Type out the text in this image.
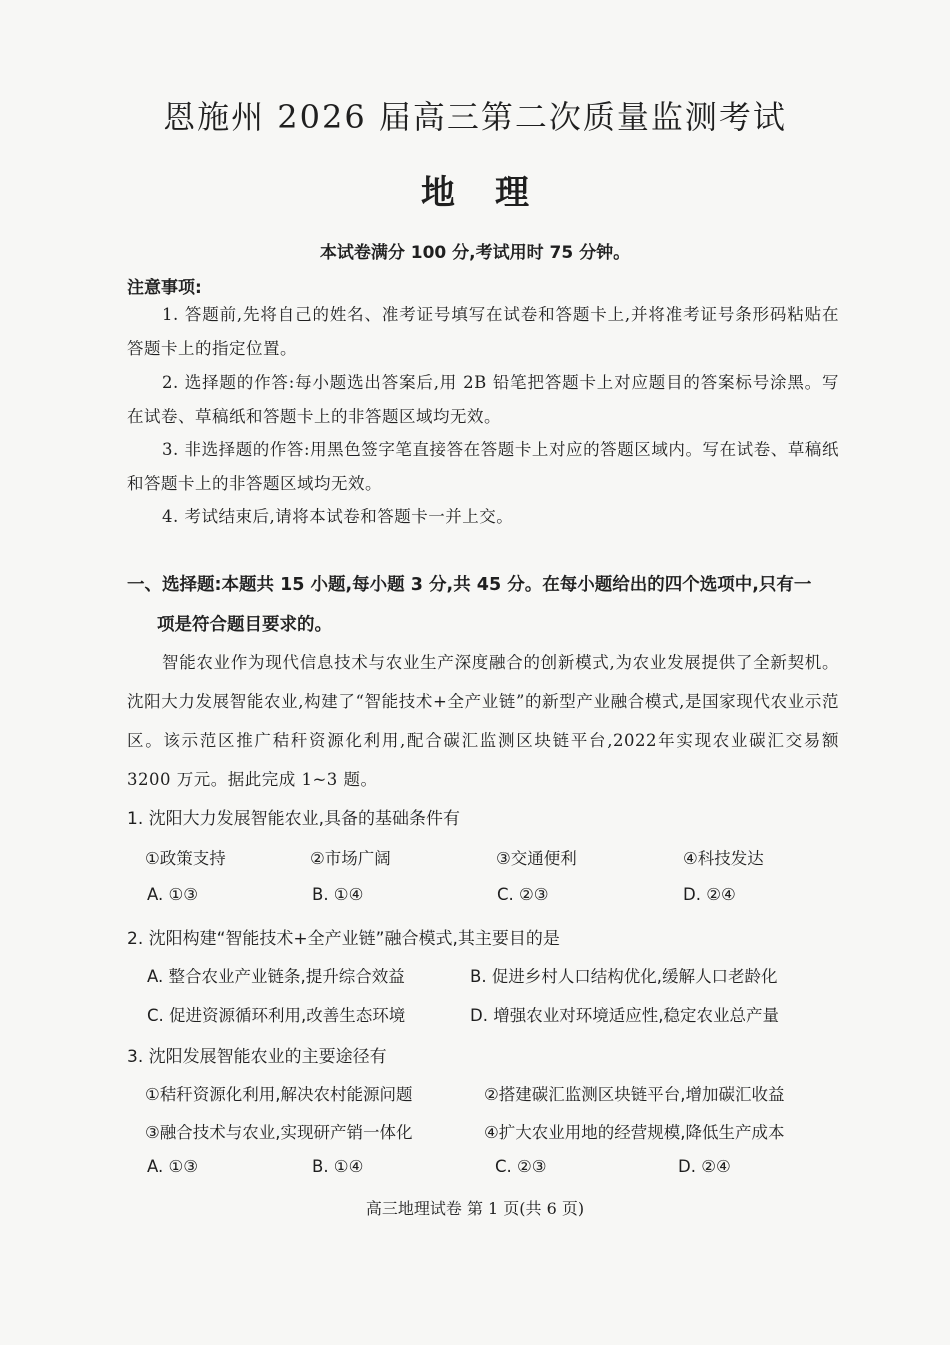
恩施州 2026 届高三第二次质量监测考试
地理
本试卷满分 100 分,考试用时 75 分钟。
注意事项:
1. 答题前,先将自己的姓名、准考证号填写在试卷和答题卡上,并将准考证号条形码粘贴在答题卡上的指定位置。
2. 选择题的作答:每小题选出答案后,用 2B 铅笔把答题卡上对应题目的答案标号涂黑。写在试卷、草稿纸和答题卡上的非答题区域均无效。
3. 非选择题的作答:用黑色签字笔直接答在答题卡上对应的答题区域内。写在试卷、草稿纸和答题卡上的非答题区域均无效。
4. 考试结束后,请将本试卷和答题卡一并上交。
一、选择题:本题共 15 小题,每小题 3 分,共 45 分。在每小题给出的四个选项中,只有一
项是符合题目要求的。
智能农业作为现代信息技术与农业生产深度融合的创新模式,为农业发展提供了全新契机。沈阳大力发展智能农业,构建了“智能技术+全产业链”的新型产业融合模式,是国家现代农业示范区。该示范区推广秸秆资源化利用,配合碳汇监测区块链平台,2022年实现农业碳汇交易额 3200 万元。据此完成 1~3 题。
1. 沈阳大力发展智能农业,具备的基础条件有
①政策支持	②市场广阔	③交通便利	④科技发达
A. ①③	B. ①④	C. ②③	D. ②④
2. 沈阳构建“智能技术+全产业链”融合模式,其主要目的是
A. 整合农业产业链条,提升综合效益	B. 促进乡村人口结构优化,缓解人口老龄化
C. 促进资源循环利用,改善生态环境	D. 增强农业对环境适应性,稳定农业总产量
3. 沈阳发展智能农业的主要途径有
①秸秆资源化利用,解决农村能源问题	②搭建碳汇监测区块链平台,增加碳汇收益
③融合技术与农业,实现研产销一体化	④扩大农业用地的经营规模,降低生产成本
A. ①③	B. ①④	C. ②③	D. ②④
高三地理试卷 第 1 页(共 6 页)
